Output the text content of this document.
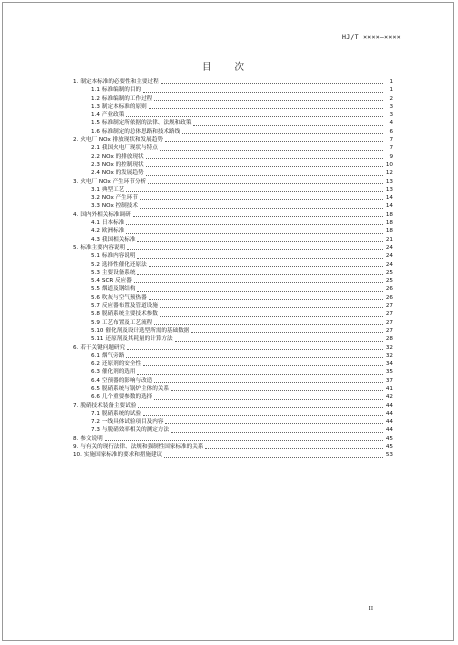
HJ/T ××××—××××
目 次
1. 制定本标准的必要性和主要过程	1
1.1 标准编制的目的	1
1.2 标准编制的工作过程	2
1.3 制定本标准的原则	3
1.4 产业政策	3
1.5 标准制定所依据的法律、法规和政策	4
1.6 标准制定的总体思路和技术路线	6
2. 火电厂 NOx 排放现状和发展趋势	7
2.1 我国火电厂现状与特点	7
2.2 NOx 的排放现状	9
2.3 NOx 的控制现状	10
2.4 NOx 的发展趋势	12
3. 火电厂 NOx 产生环节分析	13
3.1 典型工艺	13
3.2 NOx 产生环节	14
3.3 NOx 控制技术	14
4. 国内外相关标准调研	18
4.1 日本标准	18
4.2 欧洲标准	18
4.3 我国相关标准	21
5. 标准主要内容说明	24
5.1 标准内容说明	24
5.2 选择性催化还原法	24
5.3 主要设备系统	25
5.4 SCR 反应器	25
5.5 烟道及钢结构	26
5.6 吹灰与空气预热器	26
5.7 反应器布置及管道设施	27
5.8 脱硝系统主要技术参数	27
5.9 工艺布置及工艺流程	27
5.10 催化剂及设计选型所需的基础数据	27
5.11 还原剂及其耗量的计算方法	28
6. 若干关键问题研究	32
6.1 烟气旁路	32
6.2 还原剂的安全性	34
6.3 催化剂的选用	35
6.4 空预器的影响与改造	37
6.5 脱硝系统与锅炉主体的关系	41
6.6 几个重要参数的选择	42
7. 脱硝技术装备主要试验	44
7.1 脱硝系统的试验	44
7.2 一线具体试验项目及内容	44
7.3 与脱硝效率相关的测定方法	44
8. 参文说明	45
9. 与有关的现行法律、法规和强制性国家标准的关系	45
10. 实施国家标准的要求和措施建议	53
II
